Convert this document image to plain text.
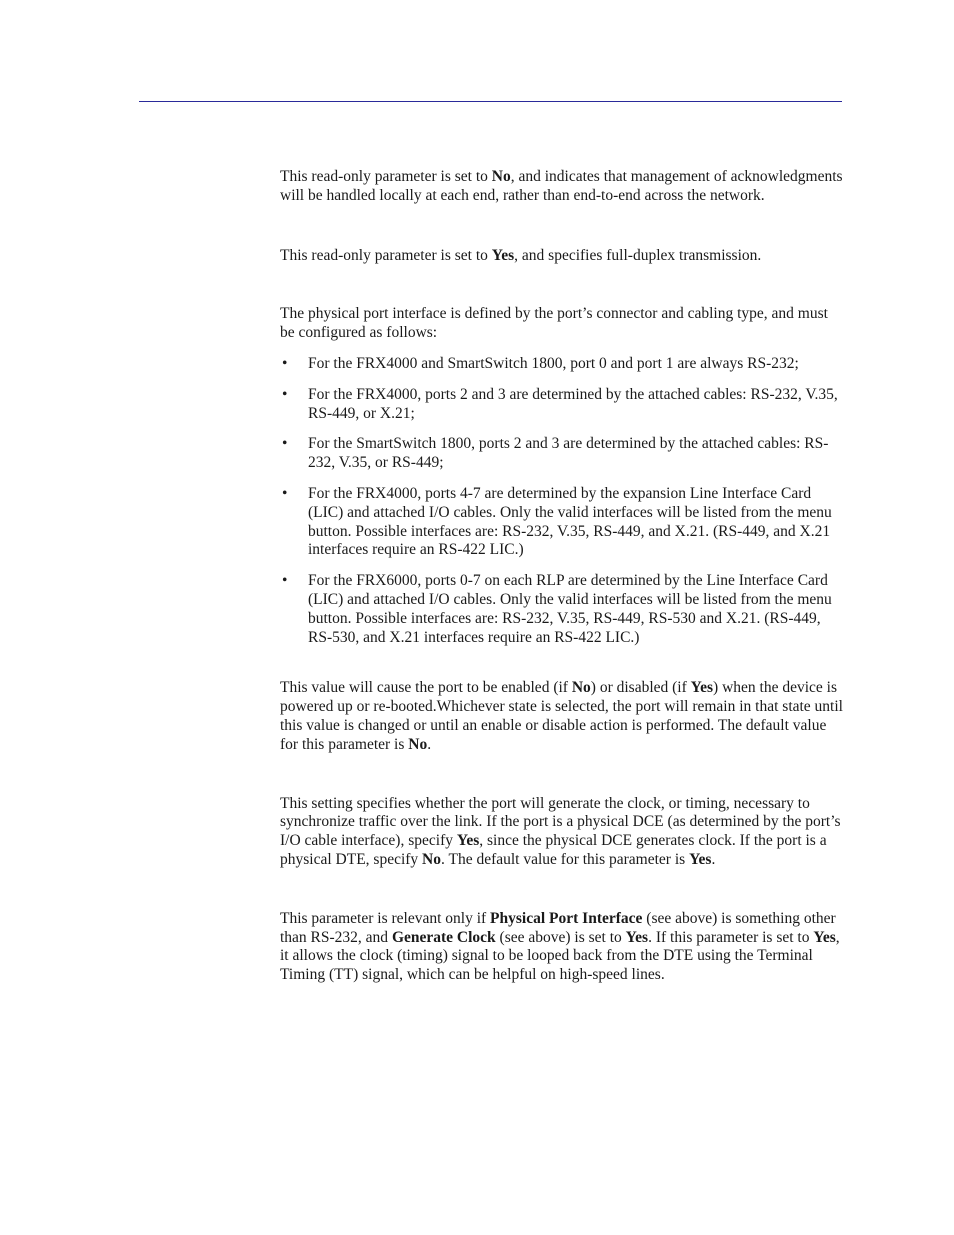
This read-only parameter is set to No, and indicates that management of acknowledgments will be handled locally at each end, rather than end-to-end across the network.

This read-only parameter is set to Yes, and specifies full-duplex transmission.

The physical port interface is defined by the port’s connector and cabling type, and must be configured as follows:

• For the FRX4000 and SmartSwitch 1800, port 0 and port 1 are always RS-232;
• For the FRX4000, ports 2 and 3 are determined by the attached cables: RS-232, V.35, RS-449, or X.21;
• For the SmartSwitch 1800, ports 2 and 3 are determined by the attached cables: RS-232, V.35, or RS-449;
• For the FRX4000, ports 4-7 are determined by the expansion Line Interface Card (LIC) and attached I/O cables. Only the valid interfaces will be listed from the menu button. Possible interfaces are: RS-232, V.35, RS-449, and X.21. (RS-449, and X.21 interfaces require an RS-422 LIC.)
• For the FRX6000, ports 0-7 on each RLP are determined by the Line Interface Card (LIC) and attached I/O cables. Only the valid interfaces will be listed from the menu button. Possible interfaces are: RS-232, V.35, RS-449, RS-530 and X.21. (RS-449, RS-530, and X.21 interfaces require an RS-422 LIC.)

This value will cause the port to be enabled (if No) or disabled (if Yes) when the device is powered up or re-booted.Whichever state is selected, the port will remain in that state until this value is changed or until an enable or disable action is performed. The default value for this parameter is No.

This setting specifies whether the port will generate the clock, or timing, necessary to synchronize traffic over the link. If the port is a physical DCE (as determined by the port’s I/O cable interface), specify Yes, since the physical DCE generates clock. If the port is a physical DTE, specify No. The default value for this parameter is Yes.

This parameter is relevant only if Physical Port Interface (see above) is something other than RS-232, and Generate Clock (see above) is set to Yes. If this parameter is set to Yes, it allows the clock (timing) signal to be looped back from the DTE using the Terminal Timing (TT) signal, which can be helpful on high-speed lines.
